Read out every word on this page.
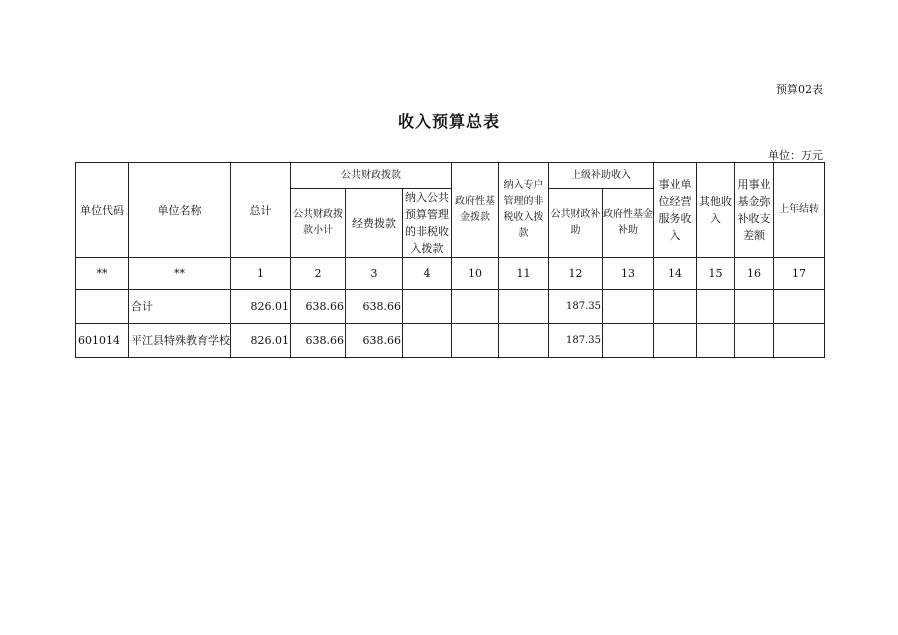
预算02表
收入预算总表
单位：万元
单位代码	单位名称	总计	公共财政拨款			政府性基金拨款	纳入专户管理的非税收入拨款	上级补助收入		事业单位经营服务收入	其他收入	用事业基金弥补收支差额	上年结转
			公共财政拨款小计	经费拨款	纳入公共预算管理的非税收入拨款								
								公共财政补助	政府性基金补助				
**	**	1	2	3	4	10	11	12	13	14	15	16	17
	合计	826.01	638.66	638.66				187.35					
601014	平江县特殊教育学校	826.01	638.66	638.66				187.35					
